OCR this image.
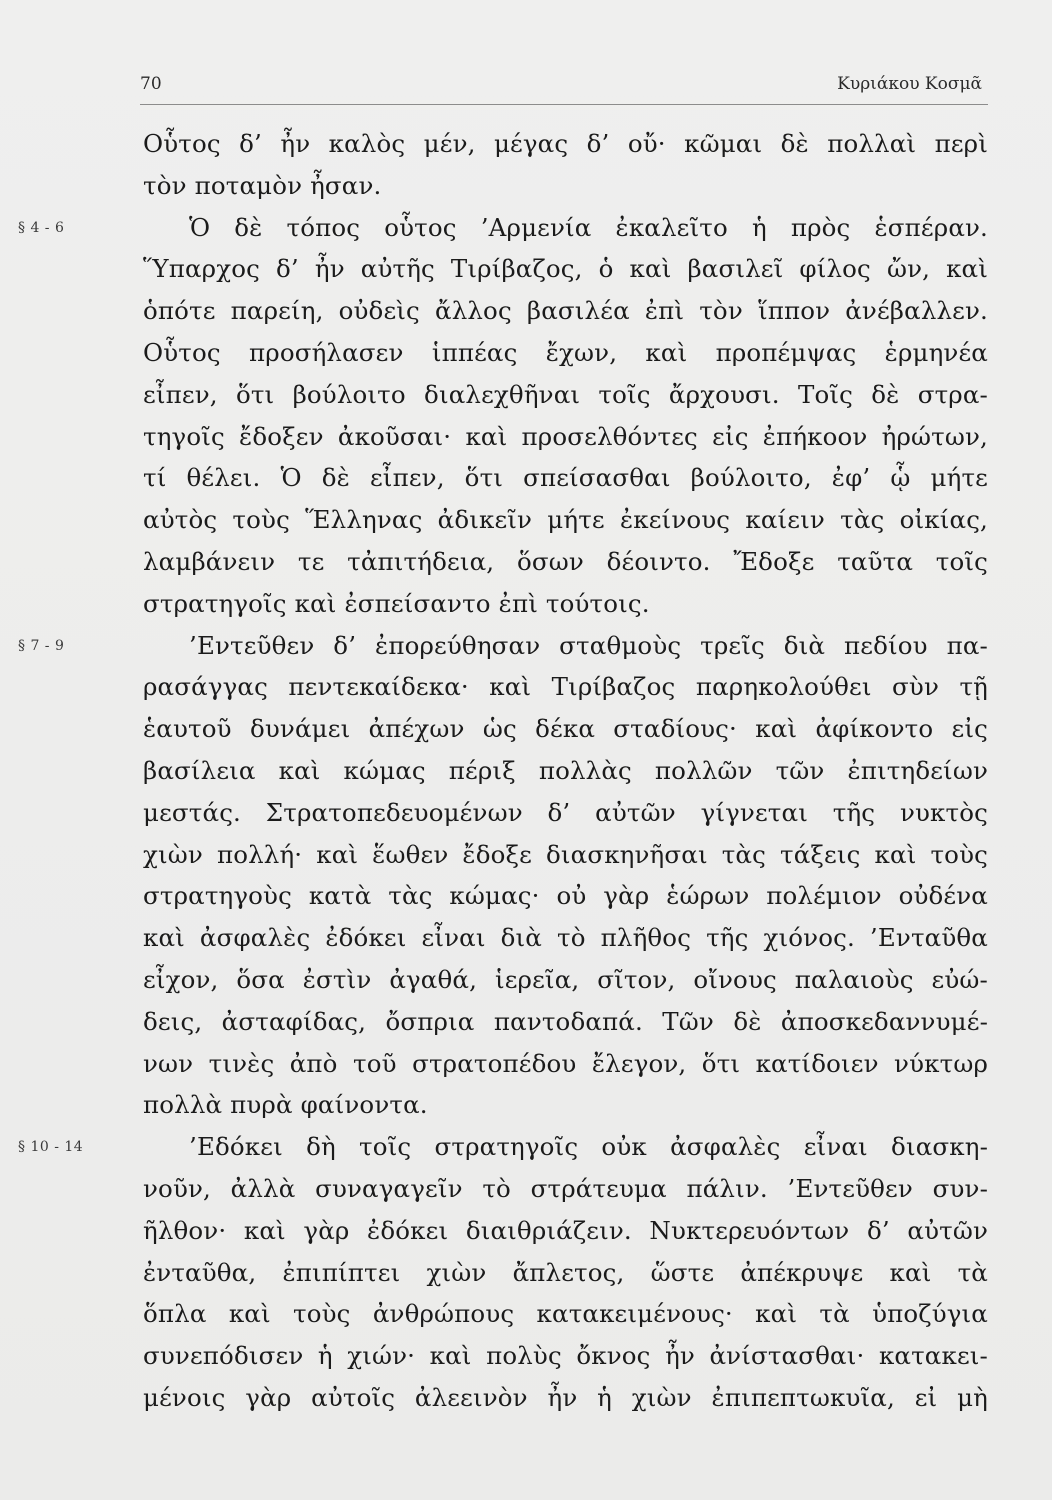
70	Κυριάκου Κοσμᾶ
Οὗτος δ’ ἦν καλὸς μέν, μέγας δ’ οὔ· κῶμαι δὲ πολλαὶ περὶ
τὸν ποταμὸν ἦσαν.
§ 4 - 6	Ὁ δὲ τόπος οὗτος ’Αρμενία ἐκαλεῖτο ἡ πρὸς ἑσπέραν.
Ὕπαρχος δ’ ἦν αὐτῆς Τιρίβαζος, ὁ καὶ βασιλεῖ φίλος ὤν, καὶ
ὁπότε παρείη, οὐδεὶς ἄλλος βασιλέα ἐπὶ τὸν ἵππον ἀνέβαλλεν.
Οὗτος προσήλασεν ἱππέας ἔχων, καὶ προπέμψας ἑρμηνέα
εἶπεν, ὅτι βούλοιτο διαλεχθῆναι τοῖς ἄρχουσι. Τοῖς δὲ στρα-
τηγοῖς ἔδοξεν ἀκοῦσαι· καὶ προσελθόντες εἰς ἐπήκοον ἠρώτων,
τί θέλει. Ὁ δὲ εἶπεν, ὅτι σπείσασθαι βούλοιτο, ἐφ’ ᾧ μήτε
αὐτὸς τοὺς Ἕλληνας ἀδικεῖν μήτε ἐκείνους καίειν τὰς οἰκίας,
λαμβάνειν τε τἀπιτήδεια, ὅσων δέοιντο. Ἔδοξε ταῦτα τοῖς
στρατηγοῖς καὶ ἐσπείσαντο ἐπὶ τούτοις.
§ 7 - 9	’Εντεῦθεν δ’ ἐπορεύθησαν σταθμοὺς τρεῖς διὰ πεδίου πα-
ρασάγγας πεντεκαίδεκα· καὶ Τιρίβαζος παρηκολούθει σὺν τῇ
ἑαυτοῦ δυνάμει ἀπέχων ὡς δέκα σταδίους· καὶ ἀφίκοντο εἰς
βασίλεια καὶ κώμας πέριξ πολλὰς πολλῶν τῶν ἐπιτηδείων
μεστάς. Στρατοπεδευομένων δ’ αὐτῶν γίγνεται τῆς νυκτὸς
χιὼν πολλή· καὶ ἕωθεν ἔδοξε διασκηνῆσαι τὰς τάξεις καὶ τοὺς
στρατηγοὺς κατὰ τὰς κώμας· οὐ γὰρ ἑώρων πολέμιον οὐδένα
καὶ ἀσφαλὲς ἐδόκει εἶναι διὰ τὸ πλῆθος τῆς χιόνος. ’Ενταῦθα
εἶχον, ὅσα ἐστὶν ἀγαθά, ἱερεῖα, σῖτον, οἴνους παλαιοὺς εὐώ-
δεις, ἀσταφίδας, ὄσπρια παντοδαπά. Τῶν δὲ ἀποσκεδαννυμέ-
νων τινὲς ἀπὸ τοῦ στρατοπέδου ἔλεγον, ὅτι κατίδοιεν νύκτωρ
πολλὰ πυρὰ φαίνοντα.
§ 10 - 14	’Εδόκει δὴ τοῖς στρατηγοῖς οὐκ ἀσφαλὲς εἶναι διασκη-
νοῦν, ἀλλὰ συναγαγεῖν τὸ στράτευμα πάλιν. ’Εντεῦθεν συν-
ῆλθον· καὶ γὰρ ἐδόκει διαιθριάζειν. Νυκτερευόντων δ’ αὐτῶν
ἐνταῦθα, ἐπιπίπτει χιὼν ἄπλετος, ὥστε ἀπέκρυψε καὶ τὰ
ὅπλα καὶ τοὺς ἀνθρώπους κατακειμένους· καὶ τὰ ὑποζύγια
συνεπόδισεν ἡ χιών· καὶ πολὺς ὄκνος ἦν ἀνίστασθαι· κατακει-
μένοις γὰρ αὐτοῖς ἀλεεινὸν ἦν ἡ χιὼν ἐπιπεπτωκυῖα, εἰ μὴ
